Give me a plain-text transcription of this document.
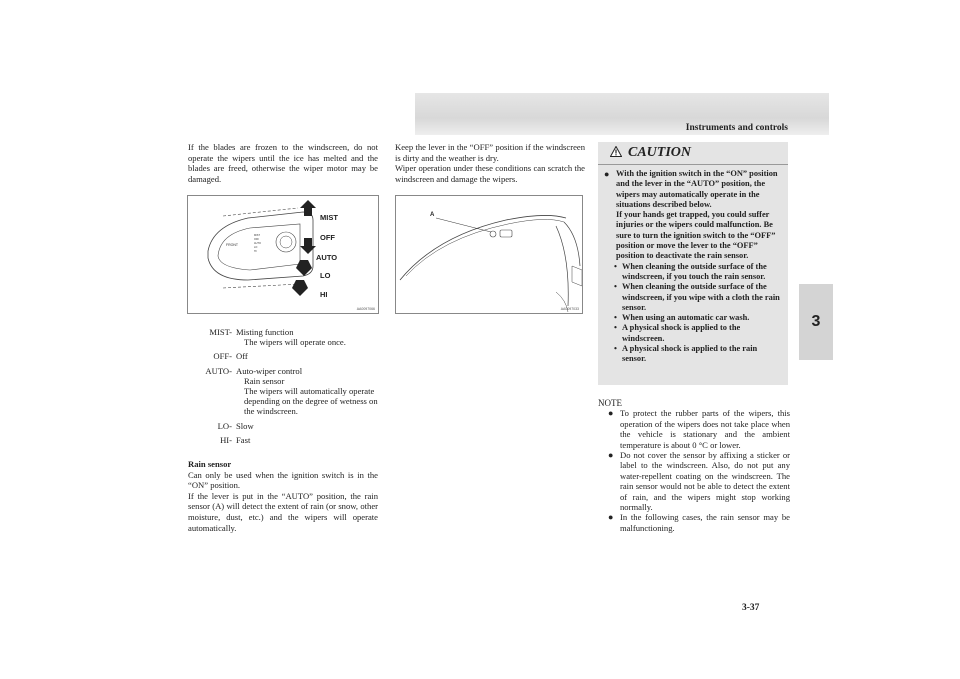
Instruments and controls
3

If the blades are frozen to the windscreen, do not operate the wipers until the ice has melted and the blades are freed, otherwise the wiper motor may be damaged.

FRONT
MIST
OFF
AUTO
LO
HI
MIST
OFF
AUTO
LO
HI
AA0097066
MIST- Misting function
The wipers will operate once.
OFF- Off
AUTO- Auto-wiper control
Rain sensor
The wipers will automatically operate depending on the degree of wetness on the windscreen.
LO- Slow
HI- Fast
Rain sensor

Can only be used when the ignition switch is in the “ON” position.

If the lever is put in the “AUTO” position, the rain sensor (A) will detect the extent of rain (or snow, other moisture, dust, etc.) and the wipers will operate automatically.

Keep the lever in the “OFF” position if the windscreen is dirty and the weather is dry.

Wiper operation under these conditions can scratch the windscreen and damage the wipers.

A
AA0097033
CAUTION
● With the ignition switch in the “ON” position and the lever in the “AUTO” position, the wipers may automatically operate in the situations described below.
If your hands get trapped, you could suffer injuries or the wipers could malfunction. Be sure to turn the ignition switch to the “OFF” position or move the lever to the “OFF” position to deactivate the rain sensor.
• When cleaning the outside surface of the windscreen, if you touch the rain sensor.
• When cleaning the outside surface of the windscreen, if you wipe with a cloth the rain sensor.
• When using an automatic car wash.
• A physical shock is applied to the windscreen.
• A physical shock is applied to the rain sensor.
NOTE
● To protect the rubber parts of the wipers, this operation of the wipers does not take place when the vehicle is stationary and the ambient temperature is about 0 °C or lower.
● Do not cover the sensor by affixing a sticker or label to the windscreen. Also, do not put any water-repellent coating on the windscreen. The rain sensor would not be able to detect the extent of rain, and the wipers might stop working normally.
● In the following cases, the rain sensor may be malfunctioning.
3-37
